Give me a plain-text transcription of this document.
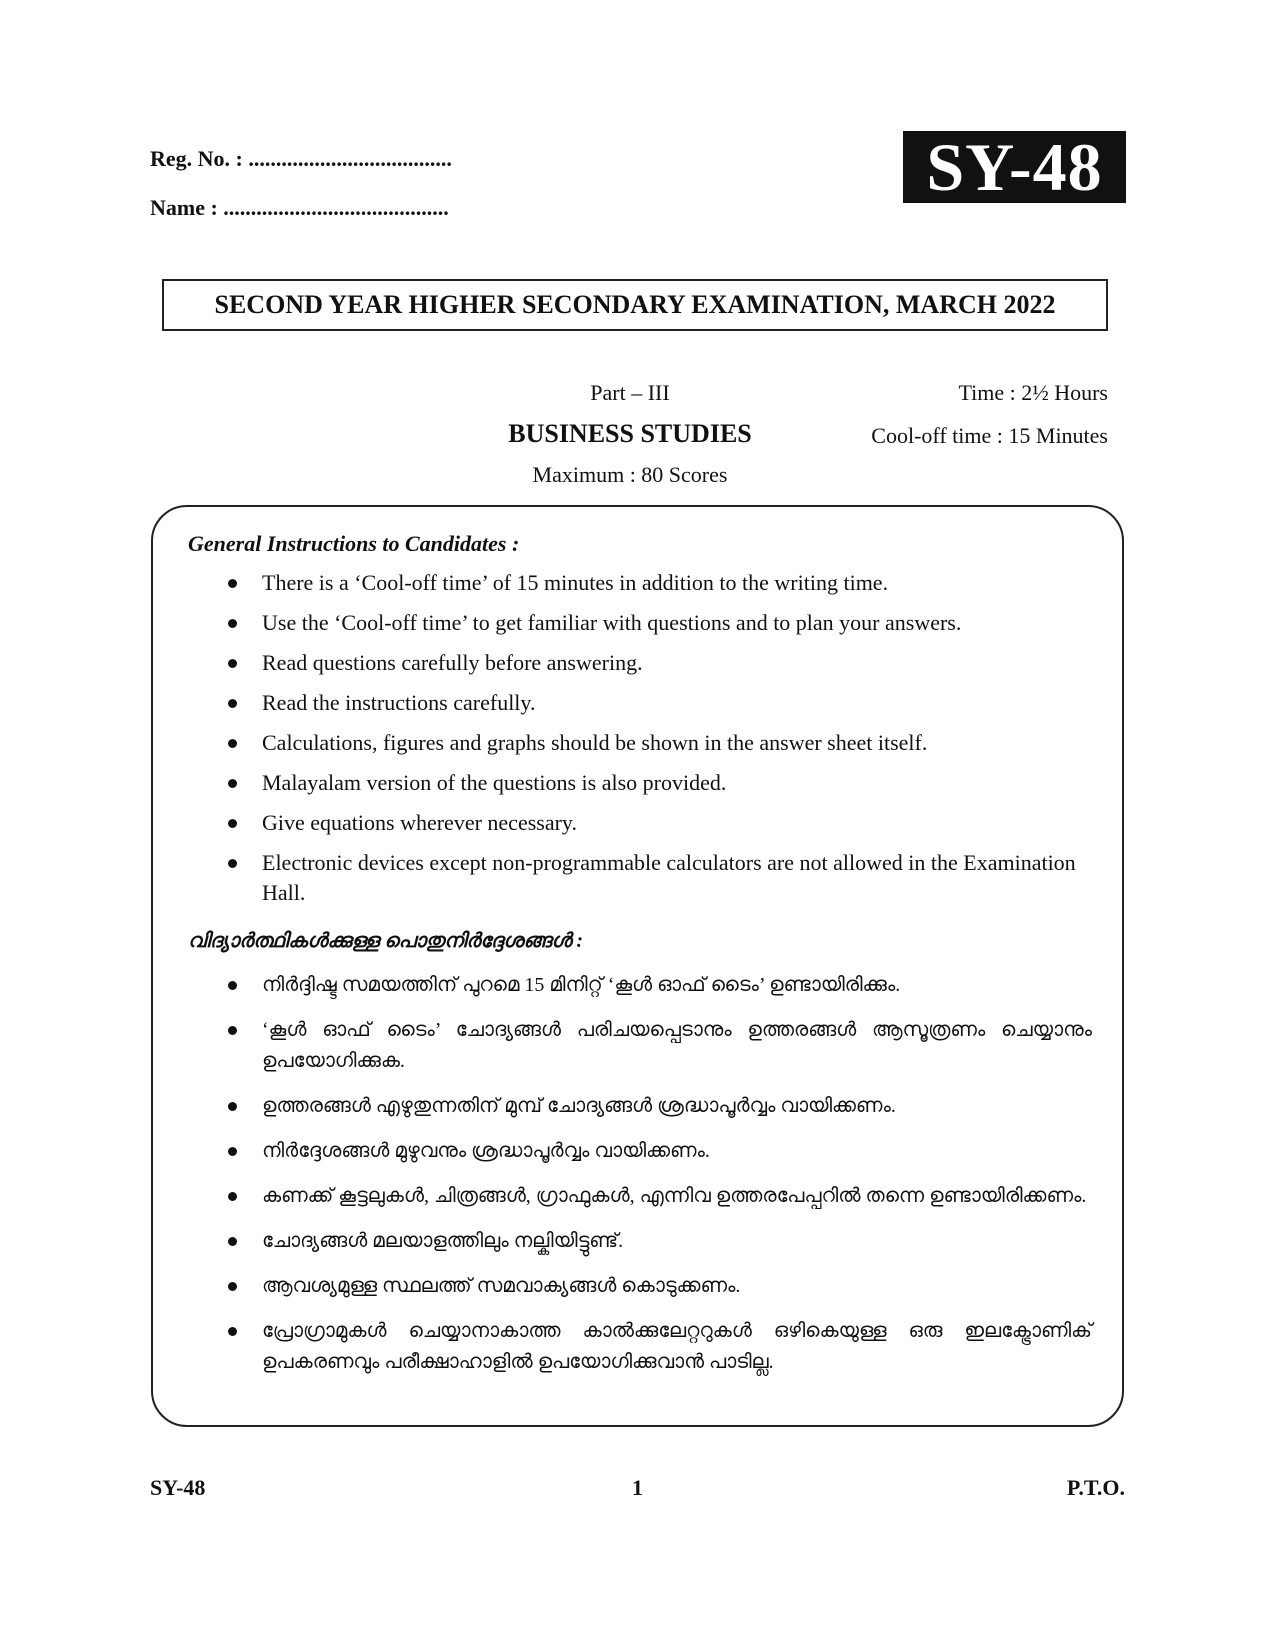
Reg. No. : .....................................
Name : .........................................
SY-48
SECOND YEAR HIGHER SECONDARY EXAMINATION, MARCH 2022
Part – III
BUSINESS STUDIES
Maximum : 80 Scores
Time : 2½ Hours
Cool-off time : 15 Minutes
General Instructions to Candidates :
There is a ‘Cool-off time’ of 15 minutes in addition to the writing time.
Use the ‘Cool-off time’ to get familiar with questions and to plan your answers.
Read questions carefully before answering.
Read the instructions carefully.
Calculations, figures and graphs should be shown in the answer sheet itself.
Malayalam version of the questions is also provided.
Give equations wherever necessary.
Electronic devices except non-programmable calculators are not allowed in the Examination Hall.
വിദ്യാർത്ഥികൾക്കുള്ള പൊതുനിർദ്ദേശങ്ങൾ :
നിർദ്ദിഷ്ട സമയത്തിന് പുറമെ 15 മിനിറ്റ് ‘കൂൾ ഓഫ് ടൈം’ ഉണ്ടായിരിക്കും.
‘കൂൾ ഓഫ് ടൈം’ ചോദ്യങ്ങൾ പരിചയപ്പെടാനും ഉത്തരങ്ങൾ ആസൂത്രണം ചെയ്യാനും ഉപയോഗിക്കുക.
ഉത്തരങ്ങൾ എഴുതുന്നതിന് മുമ്പ് ചോദ്യങ്ങൾ ശ്രദ്ധാപൂർവ്വം വായിക്കണം.
നിർദ്ദേശങ്ങൾ മുഴുവനും ശ്രദ്ധാപൂർവ്വം വായിക്കണം.
കണക്ക് കൂട്ടലുകൾ, ചിത്രങ്ങൾ, ഗ്രാഫുകൾ, എന്നിവ ഉത്തരപേപ്പറിൽ തന്നെ ഉണ്ടായിരിക്കണം.
ചോദ്യങ്ങൾ മലയാളത്തിലും നല്കിയിട്ടുണ്ട്.
ആവശ്യമുള്ള സ്ഥലത്ത് സമവാക്യങ്ങൾ കൊടുക്കണം.
പ്രോഗ്രാമുകൾ ചെയ്യാനാകാത്ത കാൽക്കുലേറ്ററുകൾ ഒഴികെയുള്ള ഒരു ഇലക്ട്രോണിക് ഉപകരണവും പരീക്ഷാഹാളിൽ ഉപയോഗിക്കുവാൻ പാടില്ല.
SY-48	1	P.T.O.
